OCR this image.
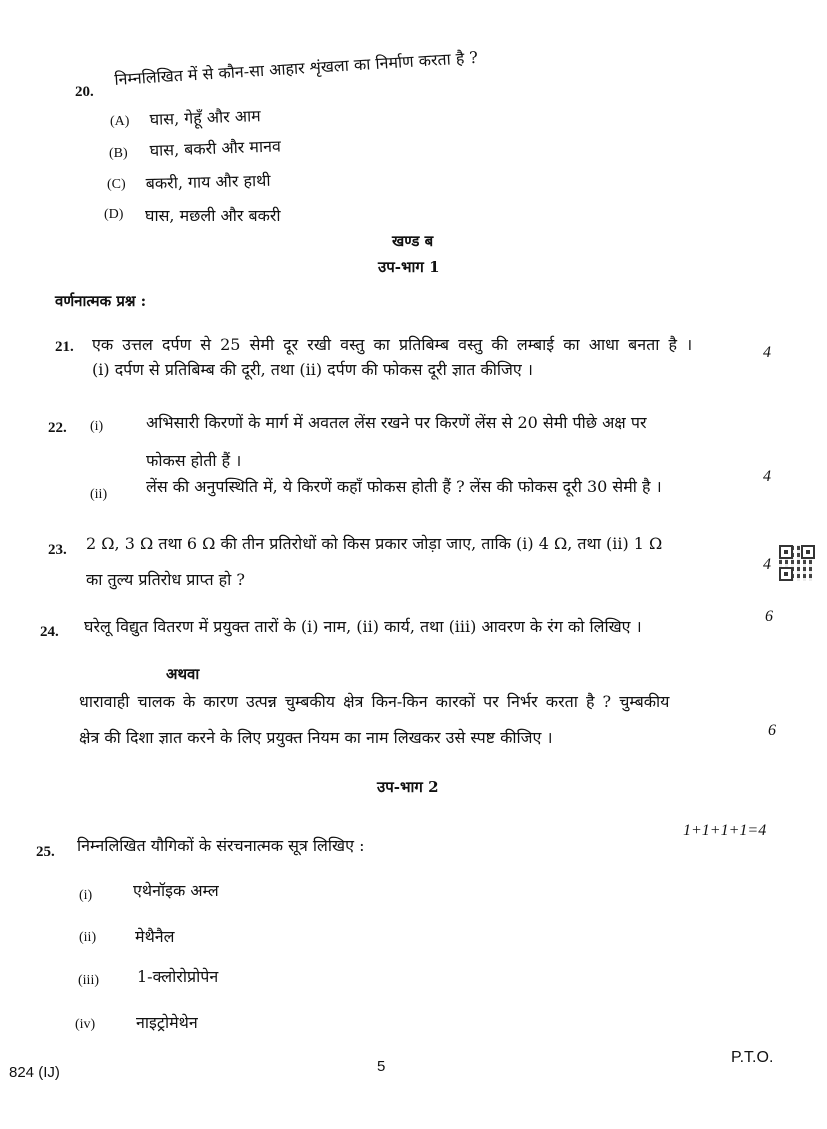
20.
निम्नलिखित में से कौन-सा आहार शृंखला का निर्माण करता है ?
(A) घास, गेहूँ और आम
(B) घास, बकरी और मानव
(C) बकरी, गाय और हाथी
(D) घास, मछली और बकरी
खण्ड ब
उप-भाग 1
वर्णनात्मक प्रश्न :
21. एक उत्तल दर्पण से 25 सेमी दूर रखी वस्तु का प्रतिबिम्ब वस्तु की लम्बाई का आधा बनता है ।
(i) दर्पण से प्रतिबिम्ब की दूरी, तथा (ii) दर्पण की फोकस दूरी ज्ञात कीजिए ।
4
22. (i)	अभिसारी किरणों के मार्ग में अवतल लेंस रखने पर किरणें लेंस से 20 सेमी पीछे अक्ष पर
फोकस होती हैं ।
(ii) लेंस की अनुपस्थिति में, ये किरणें कहाँ फोकस होती हैं ? लेंस की फोकस दूरी 30 सेमी है ।
4
23. 2 Ω, 3 Ω तथा 6 Ω की तीन प्रतिरोधों को किस प्रकार जोड़ा जाए, ताकि (i) 4 Ω, तथा (ii) 1 Ω
का तुल्य प्रतिरोध प्राप्त हो ?
4
24. घरेलू विद्युत वितरण में प्रयुक्त तारों के (i) नाम, (ii) कार्य, तथा (iii) आवरण के रंग को लिखिए ।
6
अथवा
धारावाही चालक के कारण उत्पन्न चुम्बकीय क्षेत्र किन-किन कारकों पर निर्भर करता है ? चुम्बकीय
क्षेत्र की दिशा ज्ञात करने के लिए प्रयुक्त नियम का नाम लिखकर उसे स्पष्ट कीजिए ।	6
उप-भाग 2
25. निम्नलिखित यौगिकों के संरचनात्मक सूत्र लिखिए :
1+1+1+1=4
(i)	एथेनॉइक अम्ल
(ii) मेथैनैल
(iii) 1-क्लोरोप्रोपेन
(iv)	नाइट्रोमेथेन
824 (IJ)	5
P.T.O.
